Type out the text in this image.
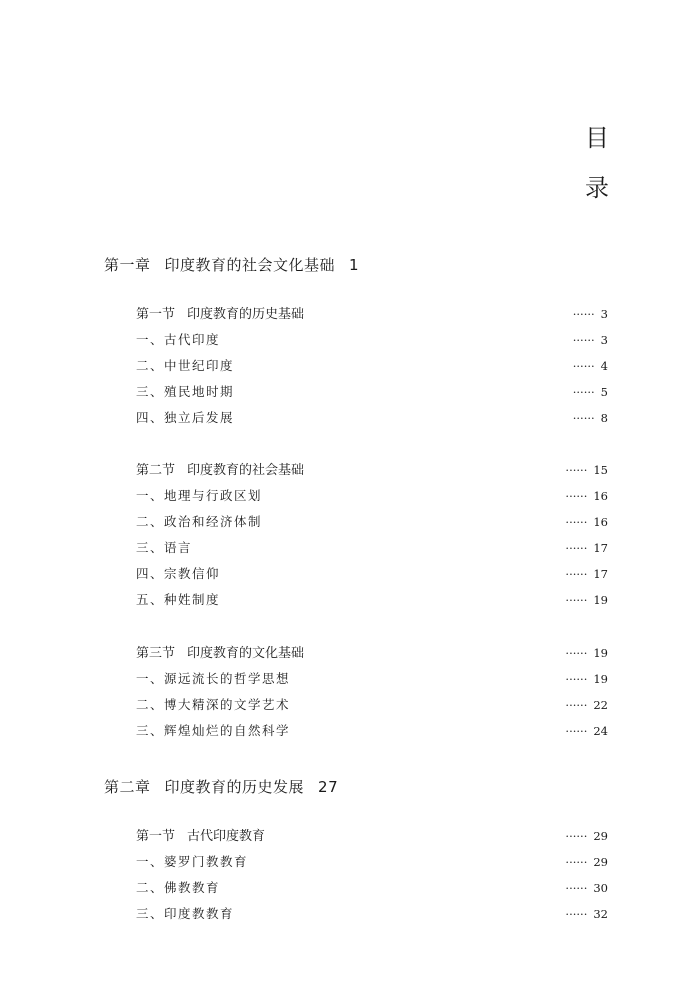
目
录
第一章 印度教育的社会文化基础 1
第一节 印度教育的历史基础	······ 3
一、古代印度	······ 3
二、中世纪印度	······ 4
三、殖民地时期	······ 5
四、独立后发展	······ 8
第二节 印度教育的社会基础	······ 15
一、地理与行政区划	······ 16
二、政治和经济体制	······ 16
三、语言	······ 17
四、宗教信仰	······ 17
五、种姓制度	······ 19
第三节 印度教育的文化基础	······ 19
一、源远流长的哲学思想	······ 19
二、博大精深的文学艺术	······ 22
三、辉煌灿烂的自然科学	······ 24
第二章 印度教育的历史发展 27
第一节 古代印度教育	······ 29
一、婆罗门教教育	······ 29
二、佛教教育	······ 30
三、印度教教育	······ 32
